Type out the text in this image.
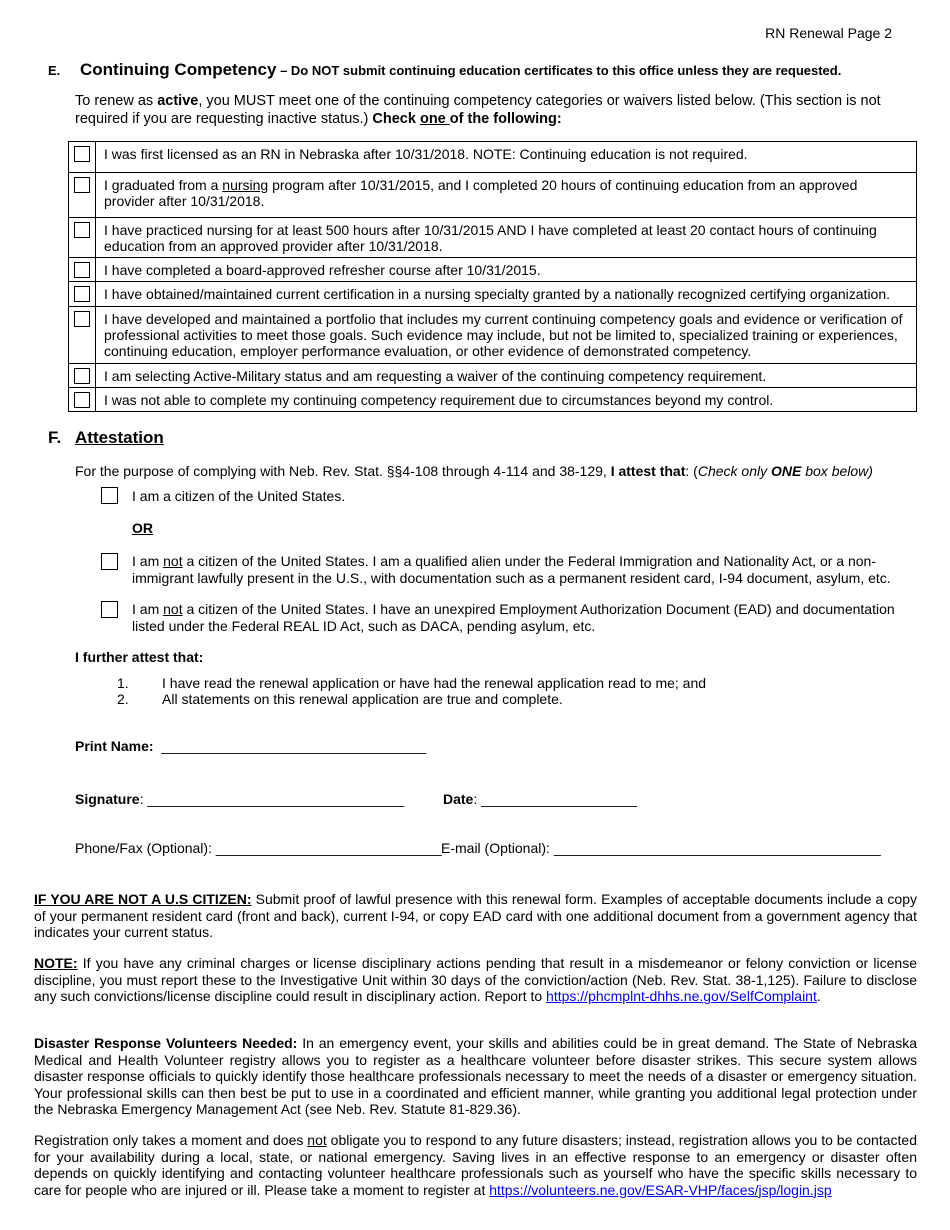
RN Renewal Page 2
E. Continuing Competency – Do NOT submit continuing education certificates to this office unless they are requested.
To renew as active, you MUST meet one of the continuing competency categories or waivers listed below. (This section is not required if you are requesting inactive status.) Check one of the following:
	I was first licensed as an RN in Nebraska after 10/31/2018. NOTE: Continuing education is not required.

	I graduated from a nursing program after 10/31/2015, and I completed 20 hours of continuing education from an approved provider after 10/31/2018.

	I have practiced nursing for at least 500 hours after 10/31/2015 AND I have completed at least 20 contact hours of continuing education from an approved provider after 10/31/2018.

	I have completed a board-approved refresher course after 10/31/2015.

	I have obtained/maintained current certification in a nursing specialty granted by a nationally recognized certifying organization.

	I have developed and maintained a portfolio that includes my current continuing competency goals and evidence or verification of professional activities to meet those goals. Such evidence may include, but not be limited to, specialized training or experiences, continuing education, employer performance evaluation, or other evidence of demonstrated competency.

	I am selecting Active-Military status and am requesting a waiver of the continuing competency requirement.

	I was not able to complete my continuing competency requirement due to circumstances beyond my control.
F. Attestation
For the purpose of complying with Neb. Rev. Stat. §§4-108 through 4-114 and 38-129, I attest that: (Check only ONE box below)
I am a citizen of the United States.
OR
I am not a citizen of the United States. I am a qualified alien under the Federal Immigration and Nationality Act, or a non-immigrant lawfully present in the U.S., with documentation such as a permanent resident card, I-94 document, asylum, etc.
I am not a citizen of the United States. I have an unexpired Employment Authorization Document (EAD) and documentation listed under the Federal REAL ID Act, such as DACA, pending asylum, etc.
I further attest that:
1. I have read the renewal application or have had the renewal application read to me; and
2. All statements on this renewal application are true and complete.
Print Name: __________________________________
Signature: _________________________________	Date: ____________________
Phone/Fax (Optional): _____________________________ E-mail (Optional): __________________________________________
IF YOU ARE NOT A U.S CITIZEN: Submit proof of lawful presence with this renewal form. Examples of acceptable documents include a copy of your permanent resident card (front and back), current I-94, or copy EAD card with one additional document from a government agency that indicates your current status.
NOTE: If you have any criminal charges or license disciplinary actions pending that result in a misdemeanor or felony conviction or license discipline, you must report these to the Investigative Unit within 30 days of the conviction/action (Neb. Rev. Stat. 38-1,125). Failure to disclose any such convictions/license discipline could result in disciplinary action. Report to https://phcmplnt-dhhs.ne.gov/SelfComplaint.
Disaster Response Volunteers Needed: In an emergency event, your skills and abilities could be in great demand. The State of Nebraska Medical and Health Volunteer registry allows you to register as a healthcare volunteer before disaster strikes. This secure system allows disaster response officials to quickly identify those healthcare professionals necessary to meet the needs of a disaster or emergency situation. Your professional skills can then best be put to use in a coordinated and efficient manner, while granting you additional legal protection under the Nebraska Emergency Management Act (see Neb. Rev. Statute 81-829.36).
Registration only takes a moment and does not obligate you to respond to any future disasters; instead, registration allows you to be contacted for your availability during a local, state, or national emergency. Saving lives in an effective response to an emergency or disaster often depends on quickly identifying and contacting volunteer healthcare professionals such as yourself who have the specific skills necessary to care for people who are injured or ill. Please take a moment to register at https://volunteers.ne.gov/ESAR-VHP/faces/jsp/login.jsp
